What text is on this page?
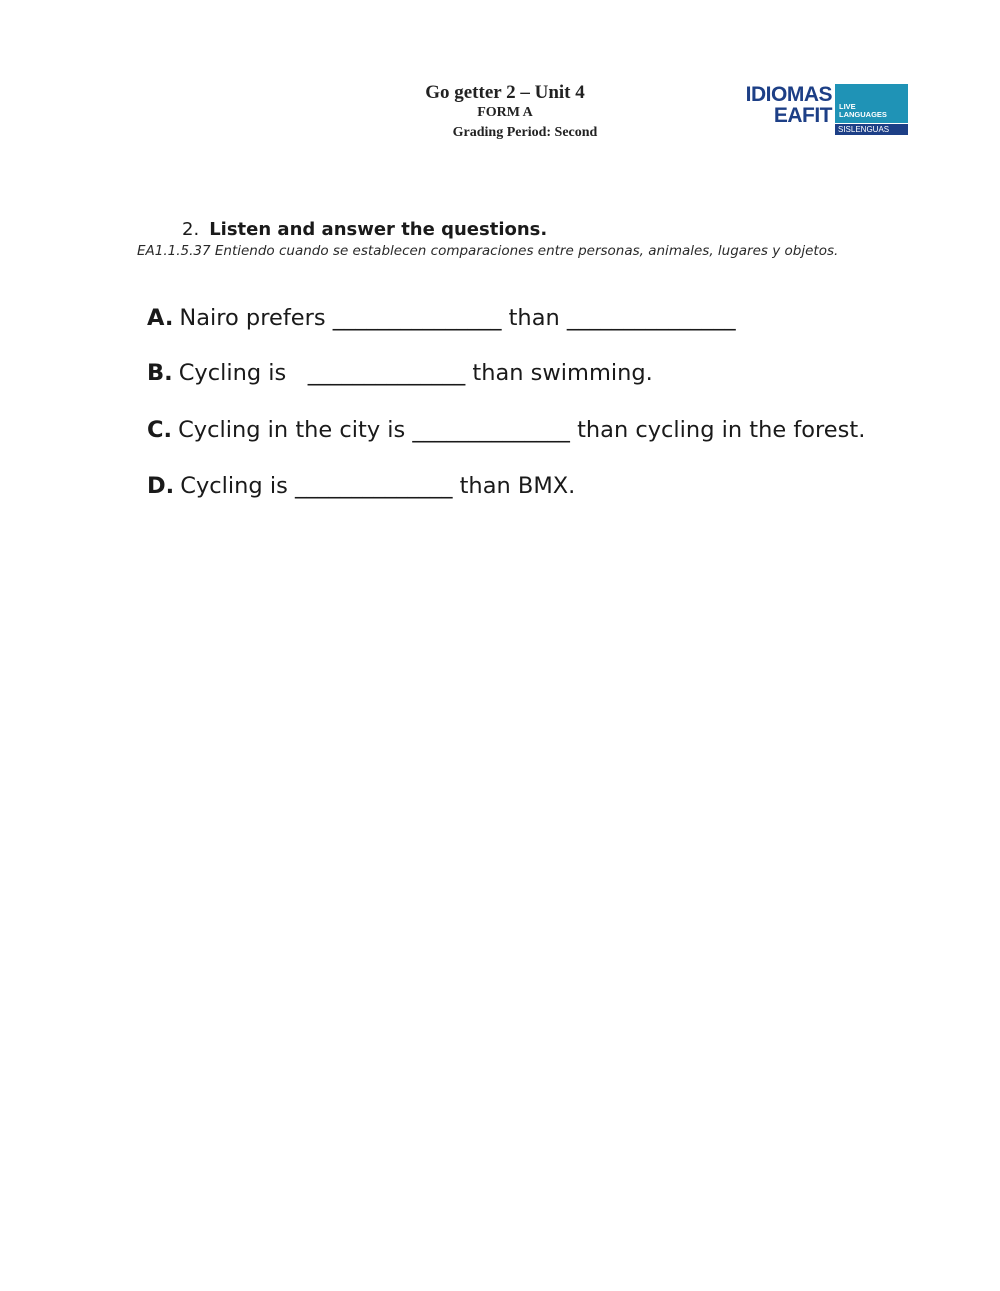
Go getter 2 – Unit 4
FORM A
Grading Period: Second
IDIOMAS
EAFIT LIVE
LANGUAGES
SISLENGUAS
2. Listen and answer the questions.
EA1.1.5.37 Entiendo cuando se establecen comparaciones entre personas, animales, lugares y objetos.
A. Nairo prefers _______________ than _______________
B. Cycling is   ______________ than swimming.
C. Cycling in the city is ______________ than cycling in the forest.
D. Cycling is ______________ than BMX.
